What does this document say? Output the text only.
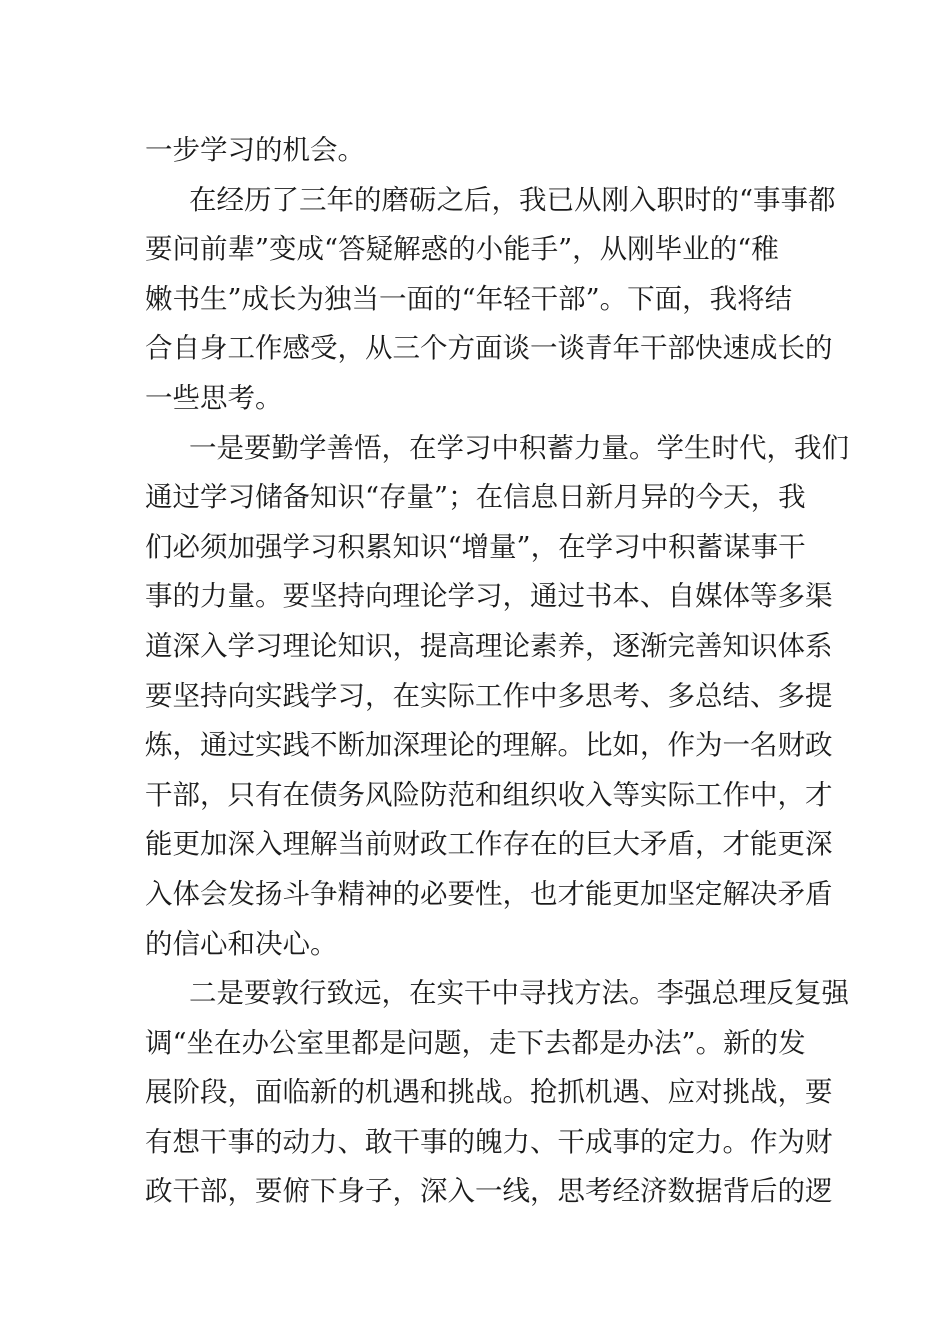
一步学习的机会。
在经历了三年的磨砺之后，我已从刚入职时的“事事都
要问前辈”变成“答疑解惑的小能手”，从刚毕业的“稚
嫩书生”成长为独当一面的“年轻干部”。下面，我将结
合自身工作感受，从三个方面谈一谈青年干部快速成长的
一些思考。
一是要勤学善悟，在学习中积蓄力量。学生时代，我们
通过学习储备知识“存量”；在信息日新月异的今天，我
们必须加强学习积累知识“增量”，在学习中积蓄谋事干
事的力量。要坚持向理论学习，通过书本、自媒体等多渠
道深入学习理论知识，提高理论素养，逐渐完善知识体系
要坚持向实践学习，在实际工作中多思考、多总结、多提
炼，通过实践不断加深理论的理解。比如，作为一名财政
干部，只有在债务风险防范和组织收入等实际工作中，才
能更加深入理解当前财政工作存在的巨大矛盾，才能更深
入体会发扬斗争精神的必要性，也才能更加坚定解决矛盾
的信心和决心。
二是要敦行致远，在实干中寻找方法。李强总理反复强
调“坐在办公室里都是问题，走下去都是办法”。新的发
展阶段，面临新的机遇和挑战。抢抓机遇、应对挑战，要
有想干事的动力、敢干事的魄力、干成事的定力。作为财
政干部，要俯下身子，深入一线，思考经济数据背后的逻
